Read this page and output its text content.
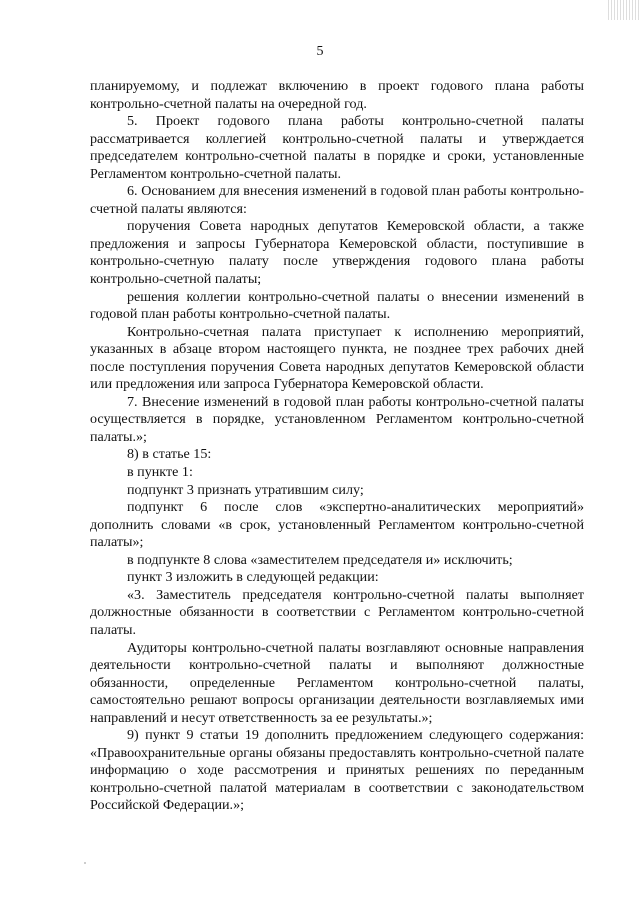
5

планируемому, и подлежат включению в проект годового плана работы контрольно-счетной палаты на очередной год.

5. Проект годового плана работы контрольно-счетной палаты рассматривается коллегией контрольно-счетной палаты и утверждается председателем контрольно-счетной палаты в порядке и сроки, установленные Регламентом контрольно-счетной палаты.

6. Основанием для внесения изменений в годовой план работы контрольно-счетной палаты являются:

поручения Совета народных депутатов Кемеровской области, а также предложения и запросы Губернатора Кемеровской области, поступившие в контрольно-счетную палату после утверждения годового плана работы контрольно-счетной палаты;

решения коллегии контрольно-счетной палаты о внесении изменений в годовой план работы контрольно-счетной палаты.

Контрольно-счетная палата приступает к исполнению мероприятий, указанных в абзаце втором настоящего пункта, не позднее трех рабочих дней после поступления поручения Совета народных депутатов Кемеровской области или предложения или запроса Губернатора Кемеровской области.

7. Внесение изменений в годовой план работы контрольно-счетной палаты осуществляется в порядке, установленном Регламентом контрольно-счетной палаты.»;

8) в статье 15:

в пункте 1:

подпункт 3 признать утратившим силу;

подпункт 6 после слов «экспертно-аналитических мероприятий» дополнить словами «в срок, установленный Регламентом контрольно-счетной палаты»;

в подпункте 8 слова «заместителем председателя и» исключить;

пункт 3 изложить в следующей редакции:

«3. Заместитель председателя контрольно-счетной палаты выполняет должностные обязанности в соответствии с Регламентом контрольно-счетной палаты.

Аудиторы контрольно-счетной палаты возглавляют основные направления деятельности контрольно-счетной палаты и выполняют должностные обязанности, определенные Регламентом контрольно-счетной палаты, самостоятельно решают вопросы организации деятельности возглавляемых ими направлений и несут ответственность за ее результаты.»;

9) пункт 9 статьи 19 дополнить предложением следующего содержания: «Правоохранительные органы обязаны предоставлять контрольно-счетной палате информацию о ходе рассмотрения и принятых решениях по переданным контрольно-счетной палатой материалам в соответствии с законодательством Российской Федерации.»;
